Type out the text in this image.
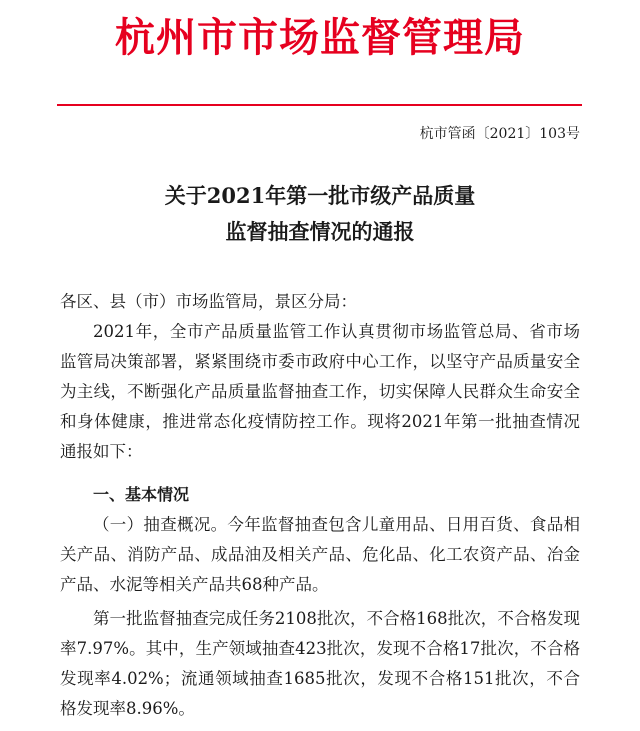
杭州市市场监督管理局
杭市管函〔2021〕103号
关于2021年第一批市级产品质量
监督抽查情况的通报
各区、县（市）市场监管局，景区分局：
2021年，全市产品质量监管工作认真贯彻市场监管总局、省市场监管局决策部署，紧紧围绕市委市政府中心工作，以坚守产品质量安全为主线，不断强化产品质量监督抽查工作，切实保障人民群众生命安全和身体健康，推进常态化疫情防控工作。现将2021年第一批抽查情况通报如下：
一、基本情况
（一）抽查概况。今年监督抽查包含儿童用品、日用百货、食品相关产品、消防产品、成品油及相关产品、危化品、化工农资产品、冶金产品、水泥等相关产品共68种产品。
第一批监督抽查完成任务2108批次，不合格168批次，不合格发现率7.97%。其中，生产领域抽查423批次，发现不合格17批次，不合格发现率4.02%；流通领域抽查1685批次，发现不合格151批次，不合格发现率8.96%。
